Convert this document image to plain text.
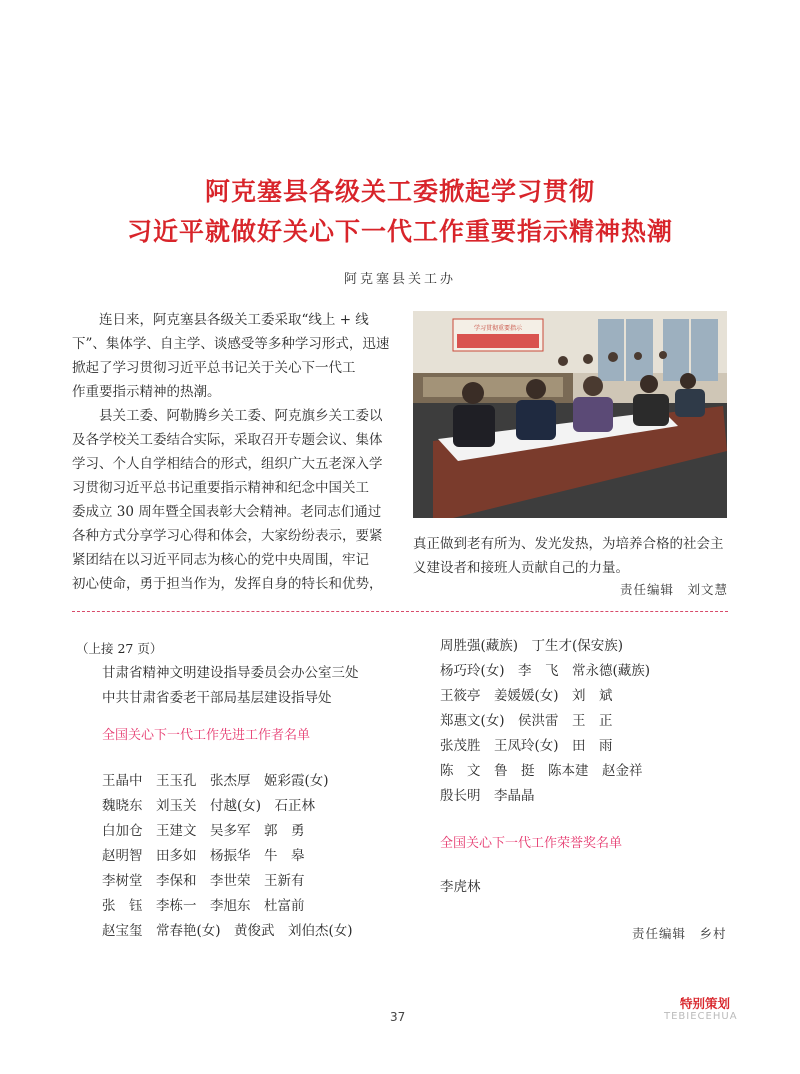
阿克塞县各级关工委掀起学习贯彻
习近平就做好关心下一代工作重要指示精神热潮
阿克塞县关工办
　　连日来，阿克塞县各级关工委采取“线上 + 线
下”、集体学、自主学、谈感受等多种学习形式，迅速
掀起了学习贯彻习近平总书记关于关心下一代工
作重要指示精神的热潮。
　　县关工委、阿勒腾乡关工委、阿克旗乡关工委以
及各学校关工委结合实际，采取召开专题会议、集体
学习、个人自学相结合的形式，组织广大五老深入学
习贯彻习近平总书记重要指示精神和纪念中国关工
委成立 30 周年暨全国表彰大会精神。老同志们通过
各种方式分享学习心得和体会，大家纷纷表示，要紧
紧团结在以习近平同志为核心的党中央周围，牢记
初心使命，勇于担当作为，发挥自身的特长和优势，
学习贯彻重要指示
真正做到老有所为、发光发热，为培养合格的社会主
义建设者和接班人贡献自己的力量。
责任编辑　刘文慧
（上接 27 页）
甘肃省精神文明建设指导委员会办公室三处
中共甘肃省委老干部局基层建设指导处
全国关心下一代工作先进工作者名单
王晶中　王玉孔　张杰厚　姬彩霞(女)
魏晓东　刘玉关　付越(女)　石正林
白加仓　王建文　吴多军　郭　勇
赵明智　田多如　杨振华　牛　皋
李树堂　李保和　李世荣　王新有
张　钰　李栋一　李旭东　杜富前
赵宝玺　常春艳(女)　黄俊武　刘伯杰(女)
周胜强(藏族)　丁生才(保安族)
杨巧玲(女)　李　飞　常永德(藏族)
王筱亭　姜媛媛(女)　刘　斌
郑惠文(女)　侯洪雷　王　正
张茂胜　王凤玲(女)　田　雨
陈　文　鲁　挺　陈本建　赵金祥
殷长明　李晶晶
全国关心下一代工作荣誉奖名单
李虎林
责任编辑　乡村
37
特别策划
TEBIECEHUA
